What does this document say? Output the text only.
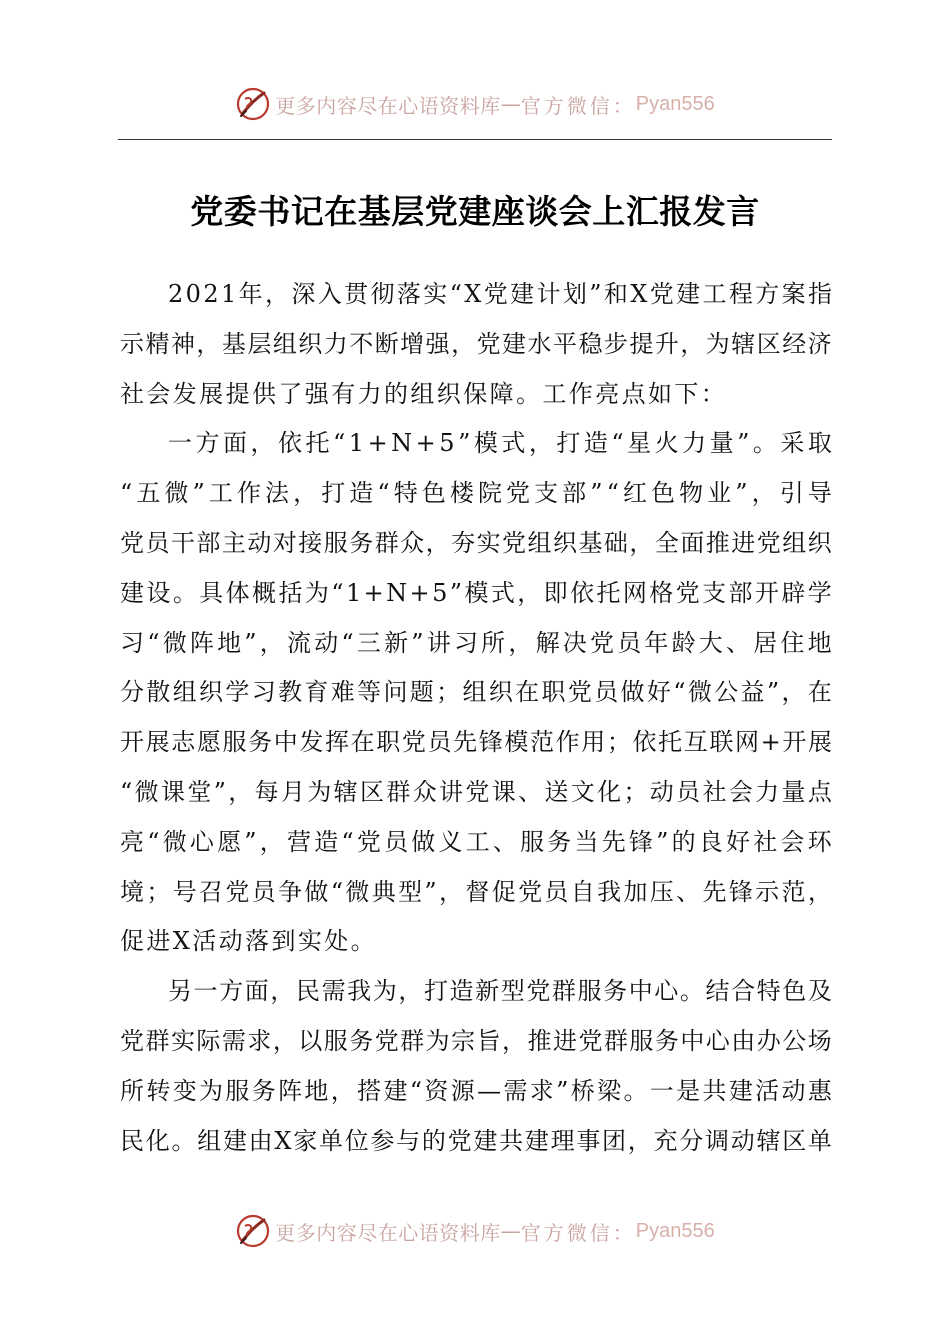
更多内容尽在心语资料库 — 官方微信： Pyan556
党委书记在基层党建座谈会上汇报发言
2 0 2 1 年 ， 深 入 贯 彻 落 实 “ X 党 建 计 划 ” 和 X 党 建 工 程 方 案 指
示 精 神 ， 基 层 组 织 力 不 断 增 强 ， 党 建 水 平 稳 步 提 升 ， 为 辖 区 经 济
社会发展提供了强有力的组织保障。工作亮点如下：
一 方 面 ， 依 托 “ 1 + N + 5 ” 模 式 ， 打 造 “ 星 火 力 量 ” 。 采 取
“ 五 微 ” 工 作 法 ， 打 造 “ 特 色 楼 院 党 支 部 ” “ 红 色 物 业 ” ， 引 导
党 员 干 部 主 动 对 接 服 务 群 众 ， 夯 实 党 组 织 基 础 ， 全 面 推 进 党 组 织
建 设 。 具 体 概 括 为 “ 1 + N + 5 ” 模 式 ， 即 依 托 网 格 党 支 部 开 辟 学
习 “ 微 阵 地 ” ， 流 动 “ 三 新 ” 讲 习 所 ， 解 决 党 员 年 龄 大 、 居 住 地
分 散 组 织 学 习 教 育 难 等 问 题 ； 组 织 在 职 党 员 做 好 “ 微 公 益 ” ， 在
开 展 志 愿 服 务 中 发 挥 在 职 党 员 先 锋 模 范 作 用 ； 依 托 互 联 网 + 开 展
“ 微 课 堂 ” ， 每 月 为 辖 区 群 众 讲 党 课 、 送 文 化 ； 动 员 社 会 力 量 点
亮 “ 微 心 愿 ” ， 营 造 “ 党 员 做 义 工 、 服 务 当 先 锋 ” 的 良 好 社 会 环
境 ； 号 召 党 员 争 做 “ 微 典 型 ” ， 督 促 党 员 自 我 加 压 、 先 锋 示 范 ，
促进X活动落到实处。
另 一 方 面 ， 民 需 我 为 ， 打 造 新 型 党 群 服 务 中 心 。 结 合 特 色 及
党 群 实 际 需 求 ， 以 服 务 党 群 为 宗 旨 ， 推 进 党 群 服 务 中 心 由 办 公 场
所 转 变 为 服 务 阵 地 ， 搭 建 “ 资 源 — 需 求 ” 桥 梁 。 一 是 共 建 活 动 惠
民 化 。 组 建 由 X 家 单 位 参 与 的 党 建 共 建 理 事 团 ， 充 分 调 动 辖 区 单
更多内容尽在心语资料库 — 官方微信： Pyan556
